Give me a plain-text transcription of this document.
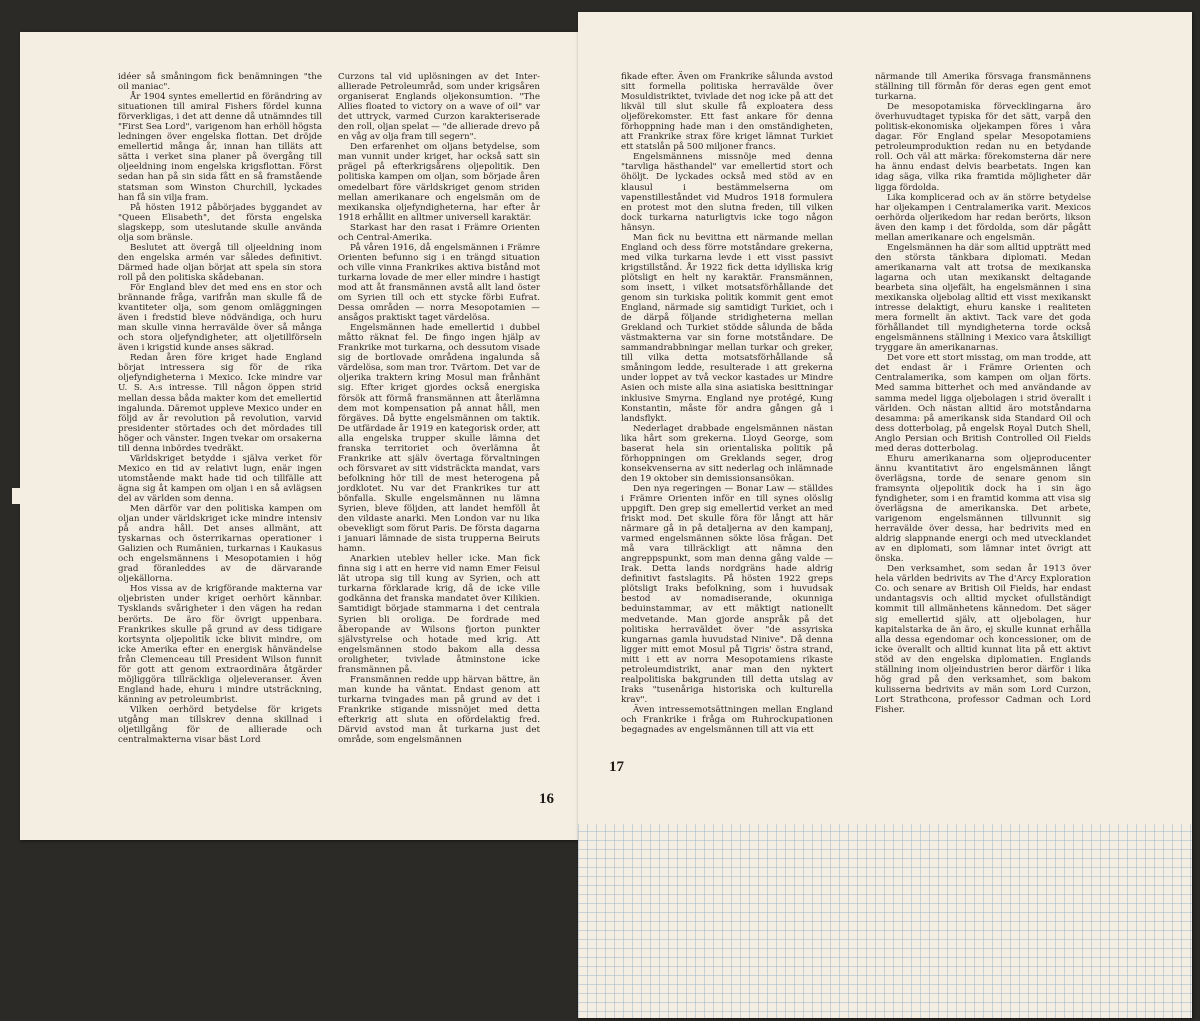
idéer så småningom fick benämningen "the oil maniac".

År 1904 syntes emellertid en förändring av situationen till amiral Fishers fördel kunna förverkligas, i det att denne då utnämndes till "First Sea Lord", varigenom han erhöll högsta ledningen över engelska flottan. Det dröjde emellertid många år, innan han tilläts att sätta i verket sina planer på övergång till oljeeldning inom engelska krigsflottan. Först sedan han på sin sida fått en så framstående statsman som Winston Churchill, lyckades han få sin vilja fram.

På hösten 1912 påbörjades byggandet av "Queen Elisabeth", det första engelska slagskepp, som uteslutande skulle använda olja som bränsle.

Beslutet att övergå till oljeeldning inom den engelska armén var således definitivt. Därmed hade oljan börjat att spela sin stora roll på den politiska skådebanan.

För England blev det med ens en stor och brännande fråga, varifrån man skulle få de kvantiteter olja, som genom omläggningen även i fredstid bleve nödvändiga, och huru man skulle vinna herravälde över så många och stora oljefyndigheter, att oljetillförseln även i krigstid kunde anses säkrad.

Redan åren före kriget hade England börjat intressera sig för de rika oljefyndigheterna i Mexico. Icke mindre var U. S. A:s intresse. Till någon öppen strid mellan dessa båda makter kom det emellertid ingalunda. Däremot uppleve Mexico under en följd av år revolution på revolution, varvid presidenter störtades och det mördades till höger och vänster. Ingen tvekar om orsakerna till denna inbördes tvedräkt.

Världskriget betydde i själva verket för Mexico en tid av relativt lugn, enär ingen utomstående makt hade tid och tillfälle att ägna sig åt kampen om oljan i en så avlägsen del av världen som denna.

Men därför var den politiska kampen om oljan under världskriget icke mindre intensiv på andra håll. Det anses allmänt, att tyskarnas och österrikarnas operationer i Galizien och Rumänien, turkarnas i Kaukasus och engelsmännens i Mesopotamien i hög grad föranleddes av de därvarande oljekällorna.

Hos vissa av de krigförande makterna var oljebristen under kriget oerhört kännbar. Tysklands svårigheter i den vägen ha redan berörts. De äro för övrigt uppenbara. Frankrikes skulle på grund av dess tidigare kortsynta oljepolitik icke blivit mindre, om icke Amerika efter en energisk hänvändelse från Clemenceau till President Wilson funnit för gott att genom extraordinära åtgärder möjliggöra tillräckliga oljeleveranser. Även England hade, ehuru i mindre utsträckning, känning av petroleumbrist.

Vilken oerhörd betydelse för krigets utgång man tillskrev denna skillnad i oljetillgång för de allierade och centralmakterna visar bäst Lord

Curzons tal vid uplösningen av det Inter-allierade Petroleumråd, som under krigsåren organiserat Englands oljekonsumtion. "The Allies floated to victory on a wave of oil" var det uttryck, varmed Curzon karakteriserade den roll, oljan spelat — "de allierade drevo på en våg av olja fram till segern".

Den erfarenhet om oljans betydelse, som man vunnit under kriget, har också satt sin prägel på efterkrigsårens oljepolitik. Den politiska kampen om oljan, som började åren omedelbart före världskriget genom striden mellan amerikanare och engelsmän om de mexikanska oljefyndigheterna, har efter år 1918 erhållit en alltmer universell karaktär.

Starkast har den rasat i Främre Orienten och Central-Amerika.

På våren 1916, då engelsmännen i Främre Orienten befunno sig i en trängd situation och ville vinna Frankrikes aktiva bistånd mot turkarna lovade de mer eller mindre i hastigt mod att åt fransmännen avstå allt land öster om Syrien till och ett stycke förbi Eufrat. Dessa områden — norra Mesopotamien — ansågos praktiskt taget värdelösa.

Engelsmännen hade emellertid i dubbel måtto räknat fel. De fingo ingen hjälp av Frankrike mot turkarna, och dessutom visade sig de bortlovade områdena ingalunda så värdelösa, som man tror. Tvärtom. Det var de oljerika traktern kring Mosul man frånhänt sig. Efter kriget gjordes också energiska försök att förmå fransmännen att återlämna dem mot kompensation på annat håll, men förgäves. Då bytte engelsmännen om taktik. De utfärdade år 1919 en kategorisk order, att alla engelska trupper skulle lämna det franska territoriet och överlämna åt Frankrike att själv övertaga förvaltningen och försvaret av sitt vidsträckta mandat, vars befolkning hör till de mest heterogena på jordklotet. Nu var det Frankrikes tur att bönfalla. Skulle engelsmännen nu lämna Syrien, bleve följden, att landet hemföll åt den vildaste anarki. Men London var nu lika obevekligt som förut Paris. De första dagarna i januari lämnade de sista trupperna Beiruts hamn.

Anarkien uteblev heller icke. Man fick finna sig i att en herre vid namn Emer Feisul lät utropa sig till kung av Syrien, och att turkarna förklarade krig, då de icke ville godkänna det franska mandatet över Kilikien. Samtidigt började stammarna i det centrala Syrien bli oroliga. De fordrade med åberopande av Wilsons fjorton punkter självstyrelse och hotade med krig. Att engelsmännen stodo bakom alla dessa oroligheter, tvivlade åtminstone icke fransmännen på.

Fransmännen redde upp härvan bättre, än man kunde ha väntat. Endast genom att turkarna tvingades man på grund av det i Frankrike stigande missnöjet med detta efterkrig att sluta en ofördelaktig fred. Därvid avstod man åt turkarna just det område, som engelsmännen

16

fikade efter. Även om Frankrike sålunda avstod sitt formella politiska herravälde över Mosuldistriktet, tvivlade det nog icke på att det likväl till slut skulle få exploatera dess oljeförekomster. Ett fast ankare för denna förhoppning hade man i den omständigheten, att Frankrike strax före kriget lämnat Turkiet ett statslån på 500 miljoner francs.

Engelsmännens missnöje med denna "tarvliga hästhandel" var emellertid stort och öhöljt. De lyckades också med stöd av en klausul i bestämmelserna om vapenstilleståndet vid Mudros 1918 formulera en protest mot den slutna freden, till vilken dock turkarna naturligtvis icke togo någon hänsyn.

Man fick nu bevittna ett närmande mellan England och dess förre motståndare grekerna, med vilka turkarna levde i ett visst passivt krigstillstånd. År 1922 fick detta idylliska krig plötsligt en helt ny karaktär. Fransmännen, som insett, i vilket motsatsförhållande det genom sin turkiska politik kommit gent emot England, närmade sig samtidigt Turkiet, och i de därpå följande stridigheterna mellan Grekland och Turkiet stödde sålunda de båda västmakterna var sin forne motståndare. De sammandrabbningar mellan turkar och greker, till vilka detta motsatsförhållande så småningom ledde, resulterade i att grekerna under loppet av två veckor kastades ur Mindre Asien och miste alla sina asiatiska besittningar inklusive Smyrna. England nye protégé, Kung Konstantin, måste för andra gången gå i landsflykt.

Nederlaget drabbade engelsmännen nästan lika hårt som grekerna. Lloyd George, som baserat hela sin orientaliska politik på förhoppningen om Greklands seger, drog konsekvenserna av sitt nederlag och inlämnade den 19 oktober sin demissionsansökan.

Den nya regeringen — Bonar Law — ställdes i Främre Orienten inför en till synes olöslig uppgift. Den grep sig emellertid verket an med friskt mod. Det skulle föra för långt att här närmare gå in på detaljerna av den kampanj, varmed engelsmännen sökte lösa frågan. Det må vara tillräckligt att nämna den angreppspunkt, som man denna gång valde — Irak. Detta lands nordgräns hade aldrig definitivt fastslagits. På hösten 1922 greps plötsligt Iraks befolkning, som i huvudsak bestod av nomadiserande, okunniga beduinstammar, av ett mäktigt nationellt medvetande. Man gjorde anspråk på det politiska herraväldet över "de assyriska kungarnas gamla huvudstad Ninive". Då denna ligger mitt emot Mosul på Tigris' östra strand, mitt i ett av norra Mesopotamiens rikaste petroleumdistrikt, anar man den nyktert realpolitiska bakgrunden till detta utslag av Iraks "tusenåriga historiska och kulturella krav".

Även intressemotsättningen mellan England och Frankrike i fråga om Ruhrockupationen begagnades av engelsmännen till att via ett

närmande till Amerika försvaga fransmännens ställning till förmån för deras egen gent emot turkarna.

De mesopotamiska förvecklingarna äro överhuvudtaget typiska för det sätt, varpå den politisk-ekonomiska oljekampen föres i våra dagar. För England spelar Mesopotamiens petroleumproduktion redan nu en betydande roll. Och väl att märka: förekomsterna där nere ha ännu endast delvis bearbetats. Ingen kan idag säga, vilka rika framtida möjligheter där ligga fördolda.

Lika komplicerad och av än större betydelse har oljekampen i Centralamerika varit. Mexicos oerhörda oljerikedom har redan berörts, likson även den kamp i det fördolda, som där pågått mellan amerikanare och engelsmän.

Engelsmännen ha där som alltid uppträtt med den största tänkbara diplomati. Medan amerikanarna valt att trotsa de mexikanska lagarna och utan mexikanskt deltagande bearbeta sina oljefält, ha engelsmännen i sina mexikanska oljebolag alltid ett visst mexikanskt intresse delaktigt, ehuru kanske i realiteten mera formellt än aktivt. Tack vare det goda förhållandet till myndigheterna torde också engelsmännens ställning i Mexico vara åtskilligt tryggare än amerikanarnas.

Det vore ett stort misstag, om man trodde, att det endast är i Främre Orienten och Centralamerika, som kampen om oljan förts. Med samma bitterhet och med användande av samma medel ligga oljebolagen i strid överallt i världen. Och nästan alltid äro motståndarna desamma: på amerikansk sida Standard Oil och dess dotterbolag, på engelsk Royal Dutch Shell, Anglo Persian och British Controlled Oil Fields med deras dotterbolag.

Ehuru amerikanarna som oljeproducenter ännu kvantitativt äro engelsmännen långt överlägsna, torde de senare genom sin framsynta oljepolitik dock ha i sin ägo fyndigheter, som i en framtid komma att visa sig överlägsna de amerikanska. Det arbete, varigenom engelsmännen tillvunnit sig herravälde över dessa, har bedrivits med en aldrig slappnande energi och med utvecklandet av en diplomati, som lämnar intet övrigt att önska.

Den verksamhet, som sedan år 1913 över hela världen bedrivits av The d'Arcy Exploration Co. och senare av British Oil Fields, har endast undantagsvis och alltid mycket ofullständigt kommit till allmänhetens kännedom. Det säger sig emellertid själv, att oljebolagen, hur kapitalstarka de än äro, ej skulle kunnat erhålla alla dessa egendomar och koncessioner, om de icke överallt och alltid kunnat lita på ett aktivt stöd av den engelska diplomatien. Englands ställning inom oljeindustrien beror därför i lika hög grad på den verksamhet, som bakom kulisserna bedrivits av män som Lord Curzon, Lort Strathcona, professor Cadman och Lord Fisher.

17
